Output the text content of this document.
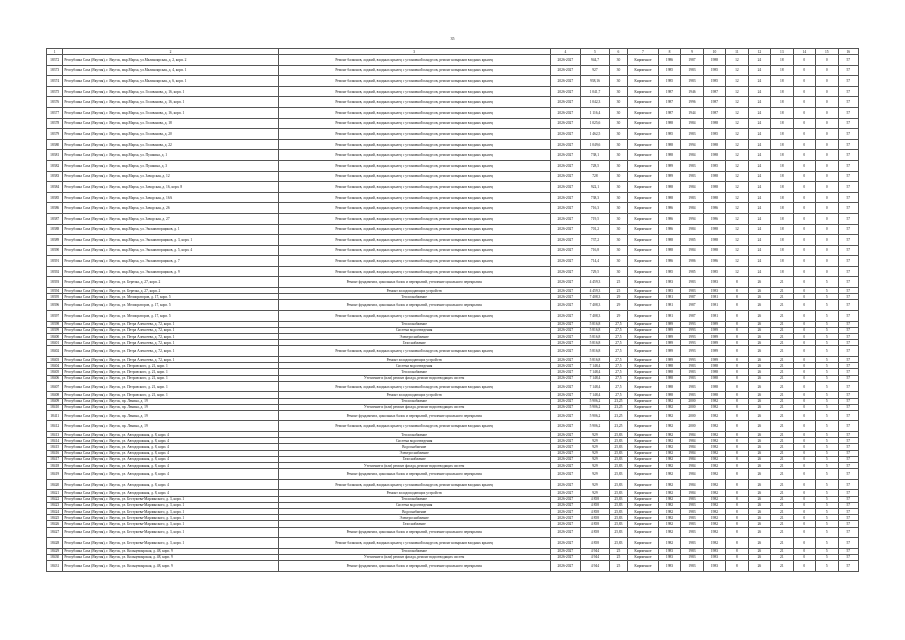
35
1	2	3	4	5	6	7	8	9	10	11	12	13	14	15	16
18372	Республика Саха (Якутия), г. Якутск, мкр.Марха, ул.Малиноярская, д. 2, корп. 2	Ремонт балконов, лоджий, входных крылец с установкой пандусов, ремонт козырьков входных крылец	2026-2027	944,7	30	Кирпичное	1986	1987	1988	12	24	18	0	0	57
18373	Республика Саха (Якутия), г. Якутск, мкр.Марха, ул.Малиноярская, д. 4, корп. 1	Ремонт балконов, лоджий, входных крылец с установкой пандусов, ремонт козырьков входных крылец	2026-2027	927	30	Кирпичное	1985	1983	1985	12	24	18	0	0	57
18374	Республика Саха (Якутия), г. Якутск, мкр.Марха, ул.Малиноярская, д. 6, корп. 1	Ремонт балконов, лоджий, входных крылец с установкой пандусов, ремонт козырьков входных крылец	2026-2027	938,16	30	Кирпичное	1985	1983	1985	12	24	18	0	0	57
18375	Республика Саха (Якутия), г. Якутск, мкр.Марха, ул. Голованова, д. 16, корп. 1	Ремонт балконов, лоджий, входных крылец с установкой пандусов, ремонт козырьков входных крылец	2026-2027	1 041,7	30	Кирпичное	1987	1946	1987	12	24	18	0	0	57
18376	Республика Саха (Якутия), г. Якутск, мкр.Марха, ул. Голованова, д. 16, корп. 1	Ремонт балконов, лоджий, входных крылец с установкой пандусов, ремонт козырьков входных крылец	2026-2027	1 042,3	30	Кирпичное	1987	1996	1987	12	24	18	0	0	57
18377	Республика Саха (Якутия), г. Якутск, мкр.Марха, ул. Голованова, д. 16, корп. 1	Ремонт балконов, лоджий, входных крылец с установкой пандусов, ремонт козырьков входных крылец	2026-2027	1 116,4	30	Кирпичное	1987	1944	1987	12	24	18	0	0	57
18378	Республика Саха (Якутия), г. Якутск, мкр.Марха, ул. Голованова, д. 18	Ремонт балконов, лоджий, входных крылец с установкой пандусов, ремонт козырьков входных крылец	2026-2027	1 025,6	30	Кирпичное	1988	1984	1988	12	24	18	0	0	57
18379	Республика Саха (Якутия), г. Якутск, мкр.Марха, ул. Голованова, д. 20	Ремонт балконов, лоджий, входных крылец с установкой пандусов, ремонт козырьков входных крылец	2026-2027	1 462,5	30	Кирпичное	1985	1983	1985	12	24	18	0	0	57
18380	Республика Саха (Якутия), г. Якутск, мкр.Марха, ул. Голованова, д. 22	Ремонт балконов, лоджий, входных крылец с установкой пандусов, ремонт козырьков входных крылец	2026-2027	1 049,6	30	Кирпичное	1988	1994	1988	12	24	18	0	0	57
18381	Республика Саха (Якутия), г. Якутск, мкр.Марха, ул. Пушкина, д. 1	Ремонт балконов, лоджий, входных крылец с установкой пандусов, ремонт козырьков входных крылец	2026-2027	738,1	30	Кирпичное	1988	1984	1988	12	24	18	0	0	57
18382	Республика Саха (Якутия), г. Якутск, мкр.Марха, ул. Пушкина, д. 3	Ремонт балконов, лоджий, входных крылец с установкой пандусов, ремонт козырьков входных крылец	2026-2027	728,5	30	Кирпичное	1989	1983	1985	12	24	18	0	0	57
18383	Республика Саха (Якутия), г. Якутск, мкр.Марха, ул. Заводская, д. 12	Ремонт балконов, лоджий, входных крылец с установкой пандусов, ремонт козырьков входных крылец	2026-2027	728	30	Кирпичное	1989	1983	1988	12	24	18	0	0	57
18384	Республика Саха (Якутия), г. Якутск, мкр.Марха, ул. Заводская, д. 16, корп. 8	Ремонт балконов, лоджий, входных крылец с установкой пандусов, ремонт козырьков входных крылец	2026-2027	922,1	30	Кирпичное	1988	1984	1988	12	24	18	0	0	57
18385	Республика Саха (Якутия), г. Якутск, мкр.Марха, ул. Заводская, д. 16А	Ремонт балконов, лоджий, входных крылец с установкой пандусов, ремонт козырьков входных крылец	2026-2027	738,3	30	Кирпичное	1988	1983	1988	12	24	18	0	0	57
18386	Республика Саха (Якутия), г. Якутск, мкр.Марха, ул. Заводская, д. 26	Ремонт балконов, лоджий, входных крылец с установкой пандусов, ремонт козырьков входных крылец	2026-2027	716,3	30	Кирпичное	1986	1984	1986	12	24	18	0	0	57
18387	Республика Саха (Якутия), г. Якутск, мкр.Марха, ул. Заводская, д. 27	Ремонт балконов, лоджий, входных крылец с установкой пандусов, ремонт козырьков входных крылец	2026-2027	719,5	30	Кирпичное	1986	1994	1986	12	24	18	0	0	57
18388	Республика Саха (Якутия), г. Якутск, мкр.Марха, ул. Экскаваторщиков, д. 1	Ремонт балконов, лоджий, входных крылец с установкой пандусов, ремонт козырьков входных крылец	2026-2027	701,2	30	Кирпичное	1986	1984	1988	12	24	18	0	0	57
18389	Республика Саха (Якутия), г. Якутск, мкр.Марха, ул. Экскаваторщиков, д. 3, корп. 1	Ремонт балконов, лоджий, входных крылец с установкой пандусов, ремонт козырьков входных крылец	2026-2027	737,2	30	Кирпичное	1988	1985	1988	12	24	18	0	0	57
18390	Республика Саха (Якутия), г. Якутск, мкр.Марха, ул. Экскаваторщиков, д. 5, корп. 4	Ремонт балконов, лоджий, входных крылец с установкой пандусов, ремонт козырьков входных крылец	2026-2027	716,8	30	Кирпичное	1988	1984	1988	12	24	18	0	0	57
18391	Республика Саха (Якутия), г. Якутск, мкр.Марха, ул. Экскаваторщиков, д. 7	Ремонт балконов, лоджий, входных крылец с установкой пандусов, ремонт козырьков входных крылец	2026-2027	714,4	30	Кирпичное	1986	1986	1986	12	24	18	0	0	57
18392	Республика Саха (Якутия), г. Якутск, мкр.Марха, ул. Экскаваторщиков, д. 9	Ремонт балконов, лоджий, входных крылец с установкой пандусов, ремонт козырьков входных крылец	2026-2027	729,5	30	Кирпичное	1985	1985	1985	12	24	18	0	0	57
18393	Республика Саха (Якутия), г. Якутск, ул. Березка, д. 27, корп. 2	Ремонт фундамента, цокольных балок и перекрытий, утепление цокольного перекрытия	2026-2027	4 459,3	25	Кирпичное	1983	1983	1983	8	26	21	0	5	57
18394	Республика Саха (Якутия), г. Якутск, ул. Березка, д. 27, корп. 2	Ремонт холодоподающих устройств	2026-2027	4 459,3	25	Кирпичное	1983	1983	1983	8	26	21	0	5	57
18395	Республика Саха (Якутия), г. Якутск, ул. Мелиораторов, д. 17, корп. 5	Теплоснабжение	2026-2027	7 408,3	29	Кирпичное	1981	1987	1981	8	26	21	0	5	57
18396	Республика Саха (Якутия), г. Якутск, ул. Мелиораторов, д. 17, корп. 5	Ремонт фундамента, цокольных балок и перекрытий, утепление цокольного перекрытия	2026-2027	7 408,3	29	Кирпичное	1981	1987	1981	8	26	21	0	5	57
18397	Республика Саха (Якутия), г. Якутск, ул. Мелиораторов, д. 17, корп. 5	Ремонт балконов, лоджий, входных крылец с установкой пандусов, ремонт козырьков входных крылец	2026-2027	7 408,3	29	Кирпичное	1981	1987	1981	8	26	21	0	5	57
18398	Республика Саха (Якутия), г. Якутск, ул. Петра Алексеева, д. 72, корп. 1	Теплоснабжение	2026-2027	5 816,8	27,5	Кирпичное	1989	1993	1989	8	26	21	0	5	57
18399	Республика Саха (Якутия), г. Якутск, ул. Петра Алексеева, д. 72, корп. 1	Система водоотведения	2026-2027	5 816,8	27,5	Кирпичное	1989	1993	1989	8	26	21	0	5	57
18400	Республика Саха (Якутия), г. Якутск, ул. Петра Алексеева, д. 72, корп. 1	Электроснабжение	2026-2027	5 816,8	27,5	Кирпичное	1989	1993	1989	8	26	21	0	5	57
18401	Республика Саха (Якутия), г. Якутск, ул. Петра Алексеева, д. 72, корп. 1	Газоснабжение	2026-2027	5 816,8	27,5	Кирпичное	1989	1993	1989	8	26	21	0	5	57
18402	Республика Саха (Якутия), г. Якутск, ул. Петра Алексеева, д. 72, корп. 1	Ремонт балконов, лоджий, входных крылец с установкой пандусов, ремонт козырьков входных крылец	2026-2027	5 816,8	27,5	Кирпичное	1989	1993	1989	8	26	21	0	5	57
18403	Республика Саха (Якутия), г. Якутск, ул. Петра Алексеева, д. 72, корп. 1	Ремонт холодоподающих устройств	2026-2027	5 816,8	27,5	Кирпичное	1989	1993	1989	8	26	21	0	5	57
18404	Республика Саха (Якутия), г. Якутск, ул. Петровского, д. 21, корп. 1	Система водоотведения	2026-2027	7 148,4	27,5	Кирпичное	1988	1983	1988	8	26	21	0	5	57
18405	Республика Саха (Якутия), г. Якутск, ул. Петровского, д. 21, корп. 1	Теплоснабжение	2026-2027	7 148,4	27,5	Кирпичное	1988	1983	1988	8	26	21	0	5	57
18406	Республика Саха (Якутия), г. Якутск, ул. Петровского, д. 21, корп. 1	Утепление и (или) ремонт фасада, ремонт водоотводящих систем	2026-2027	7 148,4	27,5	Кирпичное	1988	1983	1988	8	26	21	0	5	57
18407	Республика Саха (Якутия), г. Якутск, ул. Петровского, д. 21, корп. 1	Ремонт балконов, лоджий, входных крылец с установкой пандусов, ремонт козырьков входных крылец	2026-2027	7 148,4	27,5	Кирпичное	1988	1983	1988	8	26	21	0	5	57
18408	Республика Саха (Якутия), г. Якутск, ул. Петровского, д. 21, корп. 1	Ремонт холодоподающих устройств	2026-2027	7 148,4	27,5	Кирпичное	1988	1983	1988	8	26	21	0	5	57
18409	Республика Саха (Якутия), г. Якутск, пр. Ленина, д. 19	Теплоснабжение	2026-2027	5 906,2	23,25	Кирпичное	1982	2000	1982	8	26	21	0	5	57
18410	Республика Саха (Якутия), г. Якутск, пр. Ленина, д. 19	Утепление и (или) ремонт фасада, ремонт водоотводящих систем	2026-2027	5 906,2	23,25	Кирпичное	1982	2000	1982	8	26	21	0	5	57
18411	Республика Саха (Якутия), г. Якутск, пр. Ленина, д. 19	Ремонт фундамента, цокольных балок и перекрытий, утепление цокольного перекрытия	2026-2027	5 906,2	23,25	Кирпичное	1982	2000	1982	8	26	21	0	5	57
18412	Республика Саха (Якутия), г. Якутск, пр. Ленина, д. 19	Ремонт балконов, лоджий, входных крылец с установкой пандусов, ремонт козырьков входных крылец	2026-2027	5 906,2	23,25	Кирпичное	1982	2000	1982	8	26	21	0	5	57
18413	Республика Саха (Якутия), г. Якутск, ул. Автодорожная, д. 8, корп. 4	Теплоснабжение	2026-2027	929	25,83	Кирпичное	1982	1984	1982	8	26	21	0	5	57
18414	Республика Саха (Якутия), г. Якутск, ул. Автодорожная, д. 8, корп. 4	Система водоотведения	2026-2027	929	25,83	Кирпичное	1982	1984	1982	8	26	21	0	5	57
18415	Республика Саха (Якутия), г. Якутск, ул. Автодорожная, д. 8, корп. 4	Водоснабжение	2026-2027	929	25,83	Кирпичное	1982	1984	1982	8	26	21	0	5	57
18416	Республика Саха (Якутия), г. Якутск, ул. Автодорожная, д. 8, корп. 4	Электроснабжение	2026-2027	929	25,83	Кирпичное	1982	1984	1982	8	26	21	0	5	57
18417	Республика Саха (Якутия), г. Якутск, ул. Автодорожная, д. 8, корп. 4	Газоснабжение	2026-2027	929	25,83	Кирпичное	1982	1984	1982	8	26	21	0	5	57
18418	Республика Саха (Якутия), г. Якутск, ул. Автодорожная, д. 8, корп. 4	Утепление и (или) ремонт фасада, ремонт водоотводящих систем	2026-2027	929	25,83	Кирпичное	1982	1984	1982	8	26	21	0	5	57
18419	Республика Саха (Якутия), г. Якутск, ул. Автодорожная, д. 8, корп. 4	Ремонт фундамента, цокольных балок и перекрытий, утепление цокольного перекрытия	2026-2027	929	25,83	Кирпичное	1982	1984	1982	8	26	21	0	5	57
18420	Республика Саха (Якутия), г. Якутск, ул. Автодорожная, д. 8, корп. 4	Ремонт балконов, лоджий, входных крылец с установкой пандусов, ремонт козырьков входных крылец	2026-2027	929	25,83	Кирпичное	1982	1984	1982	8	26	21	0	5	57
18421	Республика Саха (Якутия), г. Якутск, ул. Автодорожная, д. 8, корп. 4	Ремонт холодоподающих устройств	2026-2027	929	25,83	Кирпичное	1982	1984	1982	8	26	21	0	5	57
18422	Республика Саха (Якутия), г. Якутск, ул. Бестужева-Марлинского, д. 3, корп. 1	Теплоснабжение	2026-2027	4 858	25,83	Кирпичное	1982	1983	1982	8	26	21	0	5	57
18423	Республика Саха (Якутия), г. Якутск, ул. Бестужева-Марлинского, д. 3, корп. 1	Система водоотведения	2026-2027	4 858	25,83	Кирпичное	1982	1983	1982	8	26	21	0	5	57
18424	Республика Саха (Якутия), г. Якутск, ул. Бестужева-Марлинского, д. 3, корп. 1	Водоснабжение	2026-2027	4 858	25,83	Кирпичное	1982	1983	1982	8	26	21	0	5	57
18425	Республика Саха (Якутия), г. Якутск, ул. Бестужева-Марлинского, д. 3, корп. 1	Электроснабжение	2026-2027	4 858	25,83	Кирпичное	1982	1983	1982	8	26	21	0	5	57
18426	Республика Саха (Якутия), г. Якутск, ул. Бестужева-Марлинского, д. 3, корп. 1	Газоснабжение	2026-2027	4 858	25,83	Кирпичное	1982	1983	1982	8	26	21	0	5	57
18427	Республика Саха (Якутия), г. Якутск, ул. Бестужева-Марлинского, д. 3, корп. 1	Ремонт фундамента, цокольных балок и перекрытий, утепление цокольного перекрытия	2026-2027	4 858	25,83	Кирпичное	1982	1983	1982	8	26	21	0	5	57
18428	Республика Саха (Якутия), г. Якутск, ул. Бестужева-Марлинского, д. 3, корп. 1	Ремонт балконов, лоджий, входных крылец с установкой пандусов, ремонт козырьков входных крылец	2026-2027	4 858	25,83	Кирпичное	1982	1983	1982	8	26	21	0	5	57
18429	Республика Саха (Якутия), г. Якутск, ул. Кольцевоярская, д. 48, корп. 9	Теплоснабжение	2026-2027	4 944	25	Кирпичное	1983	1983	1983	8	26	21	0	5	57
18430	Республика Саха (Якутия), г. Якутск, ул. Кольцевоярская, д. 48, корп. 9	Утепление и (или) ремонт фасада, ремонт водоотводящих систем	2026-2027	4 944	25	Кирпичное	1983	1983	1983	8	26	21	0	5	57
18431	Республика Саха (Якутия), г. Якутск, ул. Кольцевоярская, д. 48, корп. 9	Ремонт фундамента, цокольных балок и перекрытий, утепление цокольного перекрытия	2026-2027	4 944	25	Кирпичное	1983	1983	1983	8	26	21	0	5	57
